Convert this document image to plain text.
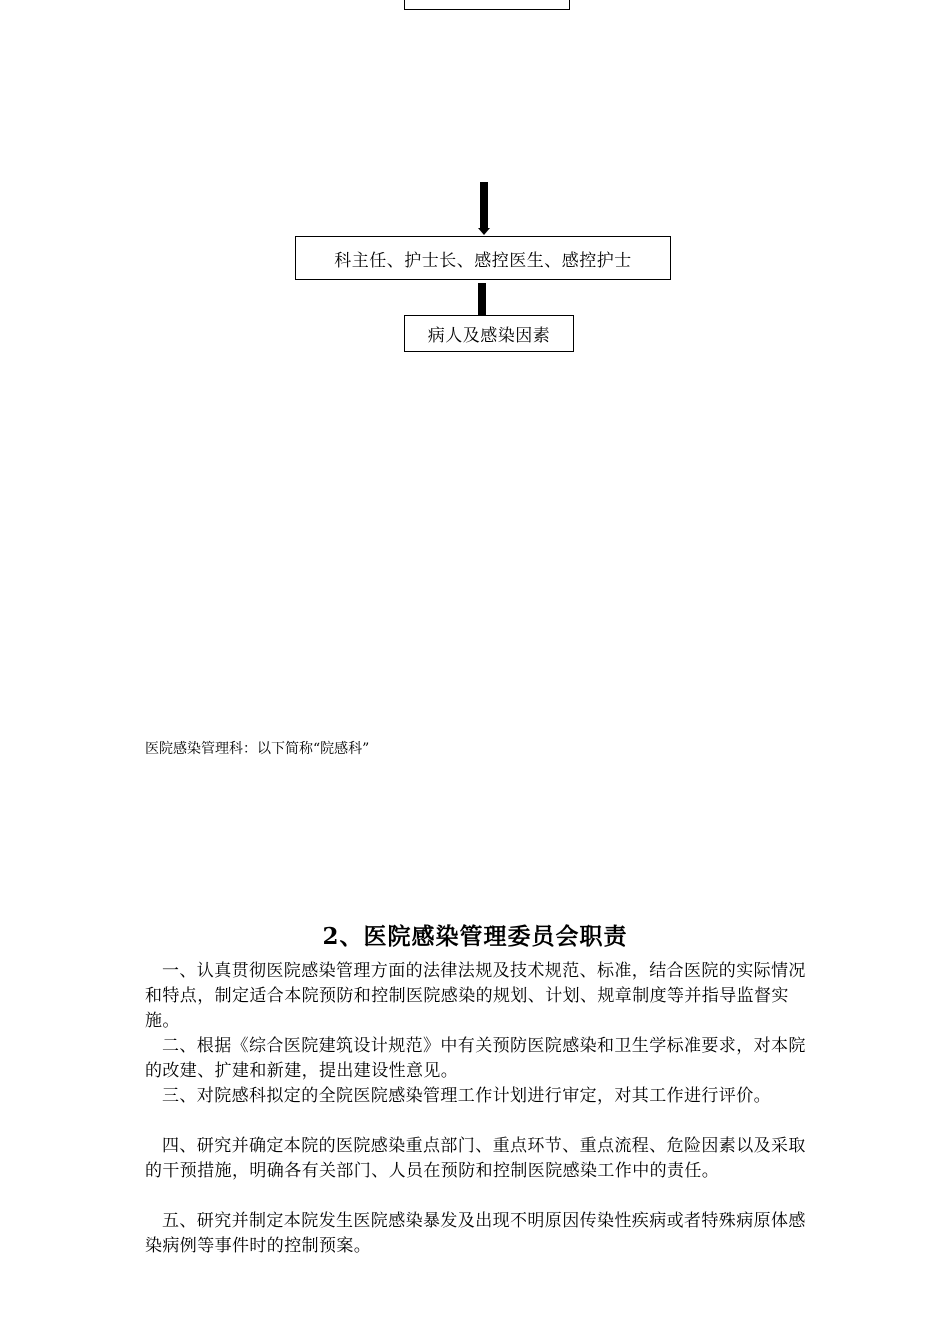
科主任、护士长、感控医生、感控护士
病人及感染因素
医院感染管理科：以下简称“院感科”
2、医院感染管理委员会职责

一、认真贯彻医院感染管理方面的法律法规及技术规范、标准，结合医院的实际情况和特点，制定适合本院预防和控制医院感染的规划、计划、规章制度等并指导监督实施。

二、根据《综合医院建筑设计规范》中有关预防医院感染和卫生学标准要求，对本院的改建、扩建和新建，提出建设性意见。

三、对院感科拟定的全院医院感染管理工作计划进行审定，对其工作进行评价。

四、研究并确定本院的医院感染重点部门、重点环节、重点流程、危险因素以及采取的干预措施，明确各有关部门、人员在预防和控制医院感染工作中的责任。

五、研究并制定本院发生医院感染暴发及出现不明原因传染性疾病或者特殊病原体感染病例等事件时的控制预案。
